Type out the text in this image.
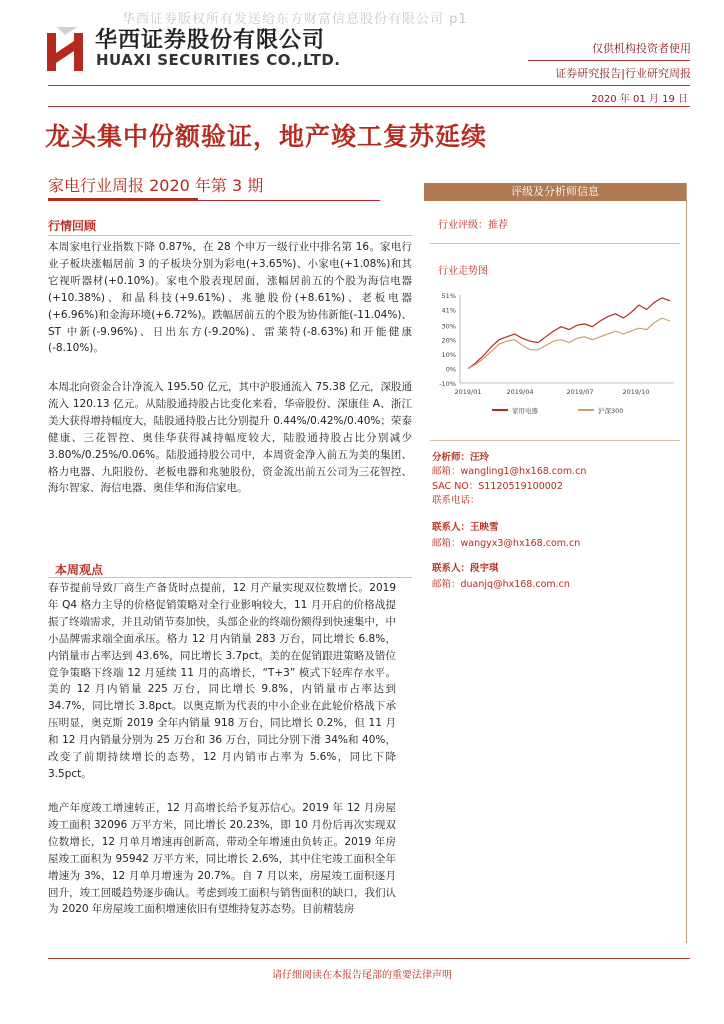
华西证券版权所有发送给东方财富信息股份有限公司 p1
华西证券股份有限公司
HUAXI SECURITIES CO.,LTD.
仅供机构投资者使用
证券研究报告|行业研究周报
2020 年 01 月 19 日
龙头集中份额验证，地产竣工复苏延续
家电行业周报 2020 年第 3 期
行情回顾

本周家电行业指数下降 0.87%，在 28 个申万一级行业中排名第 16。家电行业子板块涨幅居前 3 的子板块分别为彩电(+3.65%)、小家电(+1.08%)和其它视听器材(+0.10%)。家电个股表现居面，涨幅居前五的个股为海信电器(+10.38%)、和晶科技(+9.61%)、兆驰股份(+8.61%)、老板电器(+6.96%)和金海环境(+6.72%)。跌幅居前五的个股为协伟新能(-11.04%)、ST 中新(-9.96%)、日出东方(-9.20%)、雷莱特(-8.63%)和开能健康(-8.10%)。

本周北向资金合计净流入 195.50 亿元，其中沪股通流入 75.38 亿元，深股通流入 120.13 亿元。从陆股通持股占比变化来看，华帝股份、深康佳 A、浙江美大获得增持幅度大，陆股通持股占比分别提升 0.44%/0.42%/0.40%；荣泰健康、三花智控、奥佳华获得减持幅度较大，陆股通持股占比分别减少 3.80%/0.25%/0.06%。陆股通持股公司中，本周资金净入前五为美的集团、格力电器、九阳股份、老板电器和兆驰股份，资金流出前五公司为三花智控、海尔智家、海信电器、奥佳华和海信家电。

本周观点

春节提前导致厂商生产备货时点提前，12 月产量实现双位数增长。2019 年 Q4 格力主导的价格促销策略对全行业影响较大，11 月开启的价格战提振了终端需求，并且动销节奏加快，头部企业的终端份额得到快速集中，中小品牌需求端全面承压。格力 12 月内销量 283 万台，同比增长 6.8%，内销量市占率达到 43.6%，同比增长 3.7pct。美的在促销跟进策略及错位竞争策略下终端 12 月延续 11 月的高增长，“T+3” 模式下轻库存水平。美的 12 月内销量 225 万台，同比增长 9.8%，内销量市占率达到 34.7%，同比增长 3.8pct。以奥克斯为代表的中小企业在此轮价格战下承压明显，奥克斯 2019 全年内销量 918 万台，同比增长 0.2%，但 11 月和 12 月内销量分别为 25 万台和 36 万台，同比分别下滑 34%和 40%，改变了前期持续增长的态势，12 月内销市占率为 5.6%，同比下降 3.5pct。

地产年度竣工增速转正，12 月高增长给予复苏信心。2019 年 12 月房屋竣工面积 32096 万平方米，同比增长 20.23%，即 10 月份后再次实现双位数增长，12 月单月增速再创新高，带动全年增速由负转正。2019 年房屋竣工面积为 95942 万平方米，同比增长 2.6%，其中住宅竣工面积全年增速为 3%，12 月单月增速为 20.7%。自 7 月以来，房屋竣工面积逐月回升，竣工回暖趋势逐步确认。考虑到竣工面积与销售面积的缺口，我们认为 2020 年房屋竣工面积增速依旧有望维持复苏态势。目前精装房

评级及分析师信息
行业评级：推荐
行业走势图
51%
41%
30%
20%
10%
0%
-10%
2019/01	2019/04	2019/07	2019/10
家用电器	沪深300
分析师：汪玲
邮箱：wangling1@hx168.com.cn
SAC NO：S1120519100002
联系电话：
联系人：王映雪
邮箱：wangyx3@hx168.com.cn
联系人：段宇琪
邮箱：duanjq@hx168.com.cn
请仔细阅读在本报告尾部的重要法律声明
